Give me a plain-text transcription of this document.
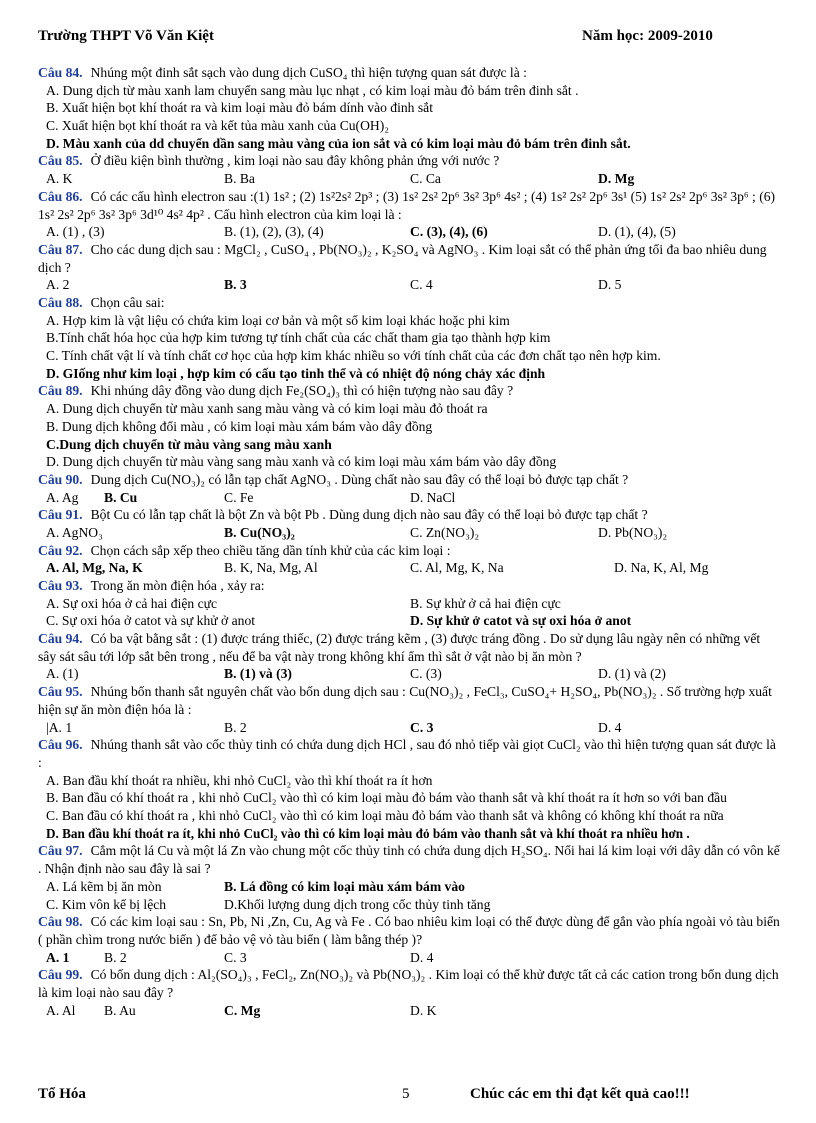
Trường THPT Võ Văn Kiệt	Năm học: 2009-2010
Câu 84. Nhúng một đinh sắt sạch vào dung dịch CuSO₄ thì hiện tượng quan sát được là :
A. Dung dịch từ màu xanh lam chuyển sang màu lục nhạt , có kim loại màu đỏ bám trên đinh sắt .
B. Xuất hiện bọt khí thoát ra và kim loại màu đỏ bám dính vào đinh sắt
C. Xuất hiện bọt khí thoát ra và kết tủa màu xanh của Cu(OH)₂
D. Màu xanh của dd chuyển dần sang màu vàng của ion sắt và có kim loại màu đỏ bám trên đinh sắt.
Câu 85. Ở điều kiện bình thường , kim loại nào sau đây không phản ứng với nước ?
A. K	B. Ba	C. Ca	D. Mg
Câu 86. Có các cấu hình electron sau :(1) 1s² ; (2) 1s²2s² 2p³ ; (3) 1s² 2s² 2p⁶ 3s² 3p⁶ 4s² ; (4) 1s² 2s² 2p⁶ 3s¹ (5) 1s² 2s² 2p⁶ 3s² 3p⁶ ; (6) 1s² 2s² 2p⁶ 3s² 3p⁶ 3d¹⁰ 4s² 4p² . Cấu hình electron của kim loại là :
A. (1) , (3)	B. (1), (2), (3), (4)	C. (3), (4), (6)	D. (1), (4), (5)
Câu 87. Cho các dung dịch sau : MgCl₂ , CuSO₄ , Pb(NO₃)₂ , K₂SO₄ và AgNO₃ . Kim loại sắt có thể phản ứng tối đa bao nhiêu dung dịch ?
A. 2	B. 3	C. 4	D. 5
Câu 88. Chọn câu sai:
A. Hợp kim là vật liệu có chứa kim loại cơ bản và một số kim loại khác hoặc phi kim
B.Tính chất hóa học của hợp kim tương tự tính chất của các chất tham gia tạo thành hợp kim
C. Tính chất vật lí và tính chất cơ học của hợp kim khác nhiều so với tính chất của các đơn chất tạo nên hợp kim.
D. GIống như kim loại , hợp kim có cấu tạo tinh thể và có nhiệt độ nóng chảy xác định
Câu 89. Khi nhúng dây đồng vào dung dịch Fe₂(SO₄)₃ thì có hiện tượng nào sau đây ?
A. Dung dịch chuyển từ màu xanh sang màu vàng và có kim loại màu đỏ thoát ra
B. Dung dịch không đổi màu , có kim loại màu xám bám vào dây đồng
C.Dung dịch chuyển từ màu vàng sang màu xanh
D. Dung dịch chuyển từ màu vàng sang màu xanh và có kim loại màu xám bám vào dây đồng
Câu 90. Dung dịch Cu(NO₃)₂ có lẫn tạp chất AgNO₃ . Dùng chất nào sau đây có thể loại bỏ được tạp chất ?
A. Ag B. Cu	C. Fe	D. NaCl
Câu 91. Bột Cu có lẫn tạp chất là bột Zn và bột Pb . Dùng dung dịch nào sau đây có thể loại bỏ được tạp chất ?
A. AgNO₃	B. Cu(NO₃)₂	C. Zn(NO₃)₂	D. Pb(NO₃)₂
Câu 92. Chọn cách sắp xếp theo chiều tăng dần tính khử của các kim loại :
A. Al, Mg, Na, K	B. K, Na, Mg, Al	C. Al, Mg, K, Na	D. Na, K, Al, Mg
Câu 93. Trong ăn mòn điện hóa , xảy ra:
A. Sự oxi hóa ở cả hai điện cực	B. Sự khử ở cả hai điện cực
C. Sự oxi hóa ở catot và sự khử ở anot	D. Sự khử ở catot và sự oxi hóa ở anot
Câu 94. Có ba vật bằng sắt : (1) được tráng thiếc, (2) được tráng kẽm , (3) được tráng đồng . Do sử dụng lâu ngày nên có những vết sây sát sâu tới lớp sắt bên trong , nếu để ba vật này trong không khí ẩm thì sắt ở vật nào bị ăn mòn ?
A. (1)	B. (1) và (3)	C. (3)	D. (1) và (2)
Câu 95. Nhúng bốn thanh sắt nguyên chất vào bốn dung dịch sau : Cu(NO₃)₂ , FeCl₃, CuSO₄+ H₂SO₄, Pb(NO₃)₂ . Số trường hợp xuất hiện sự ăn mòn điện hóa là :
|A. 1	B. 2	C. 3	D. 4
Câu 96. Nhúng thanh sắt vào cốc thủy tinh có chứa dung dịch HCl , sau đó nhỏ tiếp vài giọt CuCl₂ vào thì hiện tượng quan sát được là :
A. Ban đầu khí thoát ra nhiều, khi nhỏ CuCl₂ vào thì khí thoát ra ít hơn
B. Ban đầu có khí thoát ra , khi nhỏ CuCl₂ vào thì có kim loại màu đỏ bám vào thanh sắt và khí thoát ra ít hơn so với ban đầu
C. Ban đầu có khí thoát ra , khi nhỏ CuCl₂ vào thì có kim loại màu đỏ bám vào thanh sắt và không có không khí thoát ra nữa
D. Ban đầu khí thoát ra ít, khi nhỏ CuCl₂ vào thì có kim loại màu đỏ bám vào thanh sắt và khí thoát ra nhiều hơn .
Câu 97. Cắm một lá Cu và một lá Zn vào chung một cốc thủy tinh có chứa dung dịch H₂SO₄. Nối hai lá kim loại với dây dẫn có vôn kế . Nhận định nào sau đây là sai ?
A. Lá kẽm bị ăn mòn	B. Lá đồng có kim loại màu xám bám vào
C. Kim vôn kế bị lệch	D.Khối lượng dung dịch trong cốc thủy tinh tăng
Câu 98. Có các kim loại sau : Sn, Pb, Ni ,Zn, Cu, Ag và Fe . Có bao nhiêu kim loại có thể được dùng để gắn vào phía ngoài vỏ tàu biển ( phần chìm trong nước biển ) để bảo vệ vỏ tàu biển ( làm bằng thép )?
A. 1	B. 2	C. 3	D. 4
Câu 99. Có bốn dung dịch : Al₂(SO₄)₃ , FeCl₂, Zn(NO₃)₂ và Pb(NO₃)₂ . Kim loại có thể khử được tất cả các cation trong bốn dung dịch là kim loại nào sau đây ?
A. Al B. Au	C. Mg	D. K
Tổ Hóa	5	Chúc các em thi đạt kết quả cao!!!
